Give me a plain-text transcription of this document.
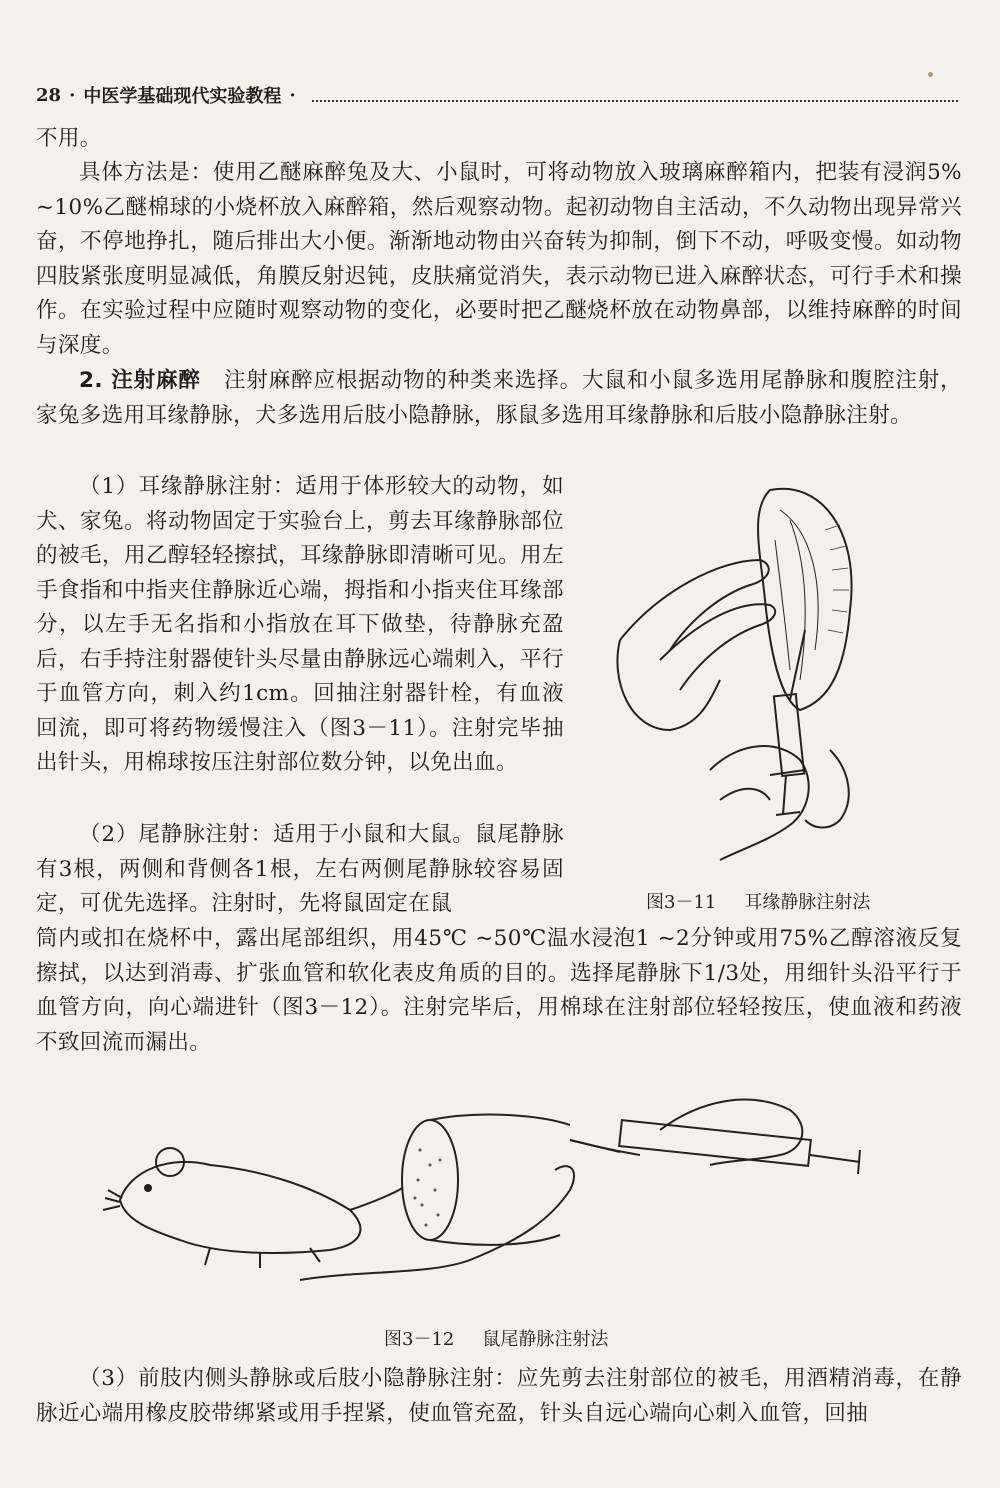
28 · 中医学基础现代实验教程 ·

不用。

具体方法是：使用乙醚麻醉兔及大、小鼠时，可将动物放入玻璃麻醉箱内，把装有浸润5% ~10%乙醚棉球的小烧杯放入麻醉箱，然后观察动物。起初动物自主活动，不久动物出现异常兴奋，不停地挣扎，随后排出大小便。渐渐地动物由兴奋转为抑制，倒下不动，呼吸变慢。如动物四肢紧张度明显减低，角膜反射迟钝，皮肤痛觉消失，表示动物已进入麻醉状态，可行手术和操作。在实验过程中应随时观察动物的变化，必要时把乙醚烧杯放在动物鼻部，以维持麻醉的时间与深度。

2. 注射麻醉 注射麻醉应根据动物的种类来选择。大鼠和小鼠多选用尾静脉和腹腔注射，家兔多选用耳缘静脉，犬多选用后肢小隐静脉，豚鼠多选用耳缘静脉和后肢小隐静脉注射。

（1）耳缘静脉注射：适用于体形较大的动物，如犬、家兔。将动物固定于实验台上，剪去耳缘静脉部位的被毛，用乙醇轻轻擦拭，耳缘静脉即清晰可见。用左手食指和中指夹住静脉近心端，拇指和小指夹住耳缘部分，以左手无名指和小指放在耳下做垫，待静脉充盈后，右手持注射器使针头尽量由静脉远心端刺入，平行于血管方向，刺入约1cm。回抽注射器针栓，有血液回流，即可将药物缓慢注入（图3－11）。注射完毕抽出针头，用棉球按压注射部位数分钟，以免出血。

（2）尾静脉注射：适用于小鼠和大鼠。鼠尾静脉有3根，两侧和背侧各1根，左右两侧尾静脉较容易固定，可优先选择。注射时，先将鼠固定在鼠

筒内或扣在烧杯中，露出尾部组织，用45℃ ~50℃温水浸泡1 ~2分钟或用75%乙醇溶液反复擦拭，以达到消毒、扩张血管和软化表皮角质的目的。选择尾静脉下1/3处，用细针头沿平行于血管方向，向心端进针（图3－12）。注射完毕后，用棉球在注射部位轻轻按压，使血液和药液不致回流而漏出。

图3－11 耳缘静脉注射法
图3－12 鼠尾静脉注射法

（3）前肢内侧头静脉或后肢小隐静脉注射：应先剪去注射部位的被毛，用酒精消毒，在静脉近心端用橡皮胶带绑紧或用手捏紧，使血管充盈，针头自远心端向心刺入血管，回抽
